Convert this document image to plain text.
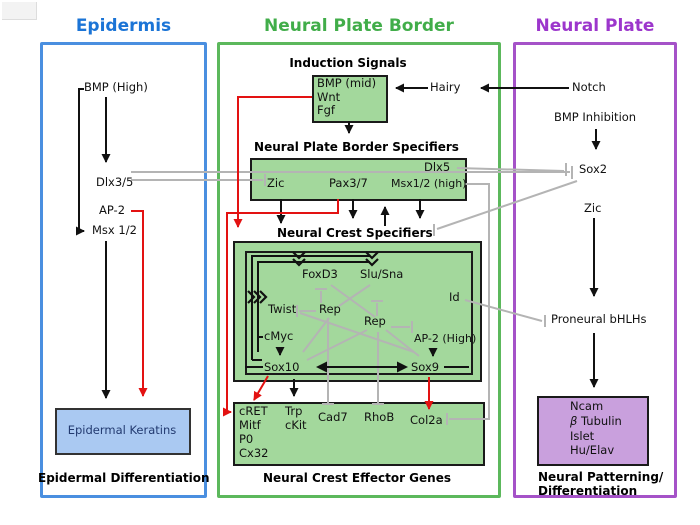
Epidermis	Neural Plate Border	Neural Plate
BMP (High)
Dlx3/5
AP-2
Msx 1/2
Epidermal Keratins
Epidermal Differentiation
Induction Signals
BMP (mid)
Wnt
Fgf
Hairy
Neural Plate Border Specifiers
Dlx5
Zic	Pax3/7 Msx1/2 (high)
Neural Crest Specifiers
FoxD3 Slu/Sna
Twist Rep
Rep
cMyc
Sox10	Sox9
AP-2 (High)
Id
cRET
Mitf
P0
Cx32
Trp
cKit
Cad7 RhoB Col2a
Neural Crest Effector Genes
Notch
BMP Inhibition
Sox2
Zic
Proneural bHLHs
Ncam
β Tubulin
Islet
Hu/Elav
Neural Patterning/
Differentiation
